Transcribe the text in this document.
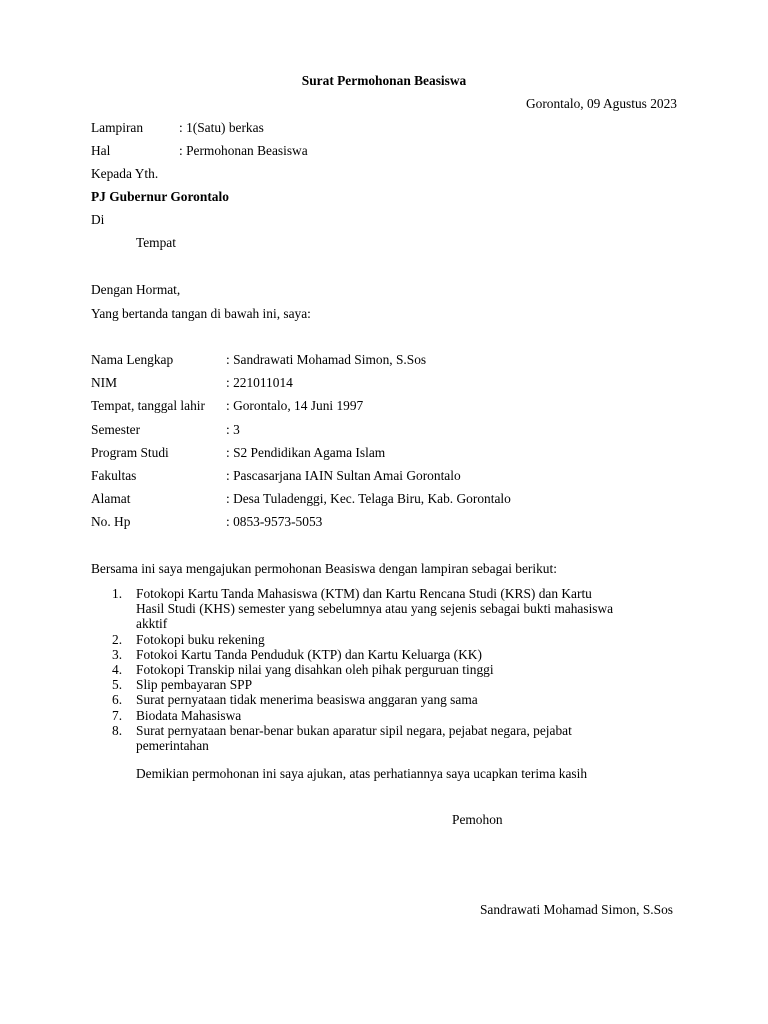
Surat Permohonan Beasiswa
Gorontalo, 09 Agustus 2023
Lampiran	: 1(Satu) berkas
Hal	: Permohonan Beasiswa
Kepada Yth.
PJ Gubernur Gorontalo
Di
Tempat
Dengan Hormat,
Yang bertanda tangan di bawah ini, saya:
Nama Lengkap	: Sandrawati Mohamad Simon, S.Sos
NIM	: 221011014
Tempat, tanggal lahir : Gorontalo, 14 Juni 1997
Semester	: 3
Program Studi	: S2 Pendidikan Agama Islam
Fakultas	: Pascasarjana IAIN Sultan Amai Gorontalo
Alamat	: Desa Tuladenggi, Kec. Telaga Biru, Kab. Gorontalo
No. Hp	: 0853-9573-5053
Bersama ini saya mengajukan permohonan Beasiswa dengan lampiran sebagai berikut:
1. Fotokopi Kartu Tanda Mahasiswa (KTM) dan Kartu Rencana Studi (KRS) dan Kartu
Hasil Studi (KHS) semester yang sebelumnya atau yang sejenis sebagai bukti mahasiswa
akktif
2. Fotokopi buku rekening
3. Fotokoi Kartu Tanda Penduduk (KTP) dan Kartu Keluarga (KK)
4. Fotokopi Transkip nilai yang disahkan oleh pihak perguruan tinggi
5. Slip pembayaran SPP
6. Surat pernyataan tidak menerima beasiswa anggaran yang sama
7. Biodata Mahasiswa
8. Surat pernyataan benar-benar bukan aparatur sipil negara, pejabat negara, pejabat
pemerintahan
Demikian permohonan ini saya ajukan, atas perhatiannya saya ucapkan terima kasih
Pemohon
Sandrawati Mohamad Simon, S.Sos
